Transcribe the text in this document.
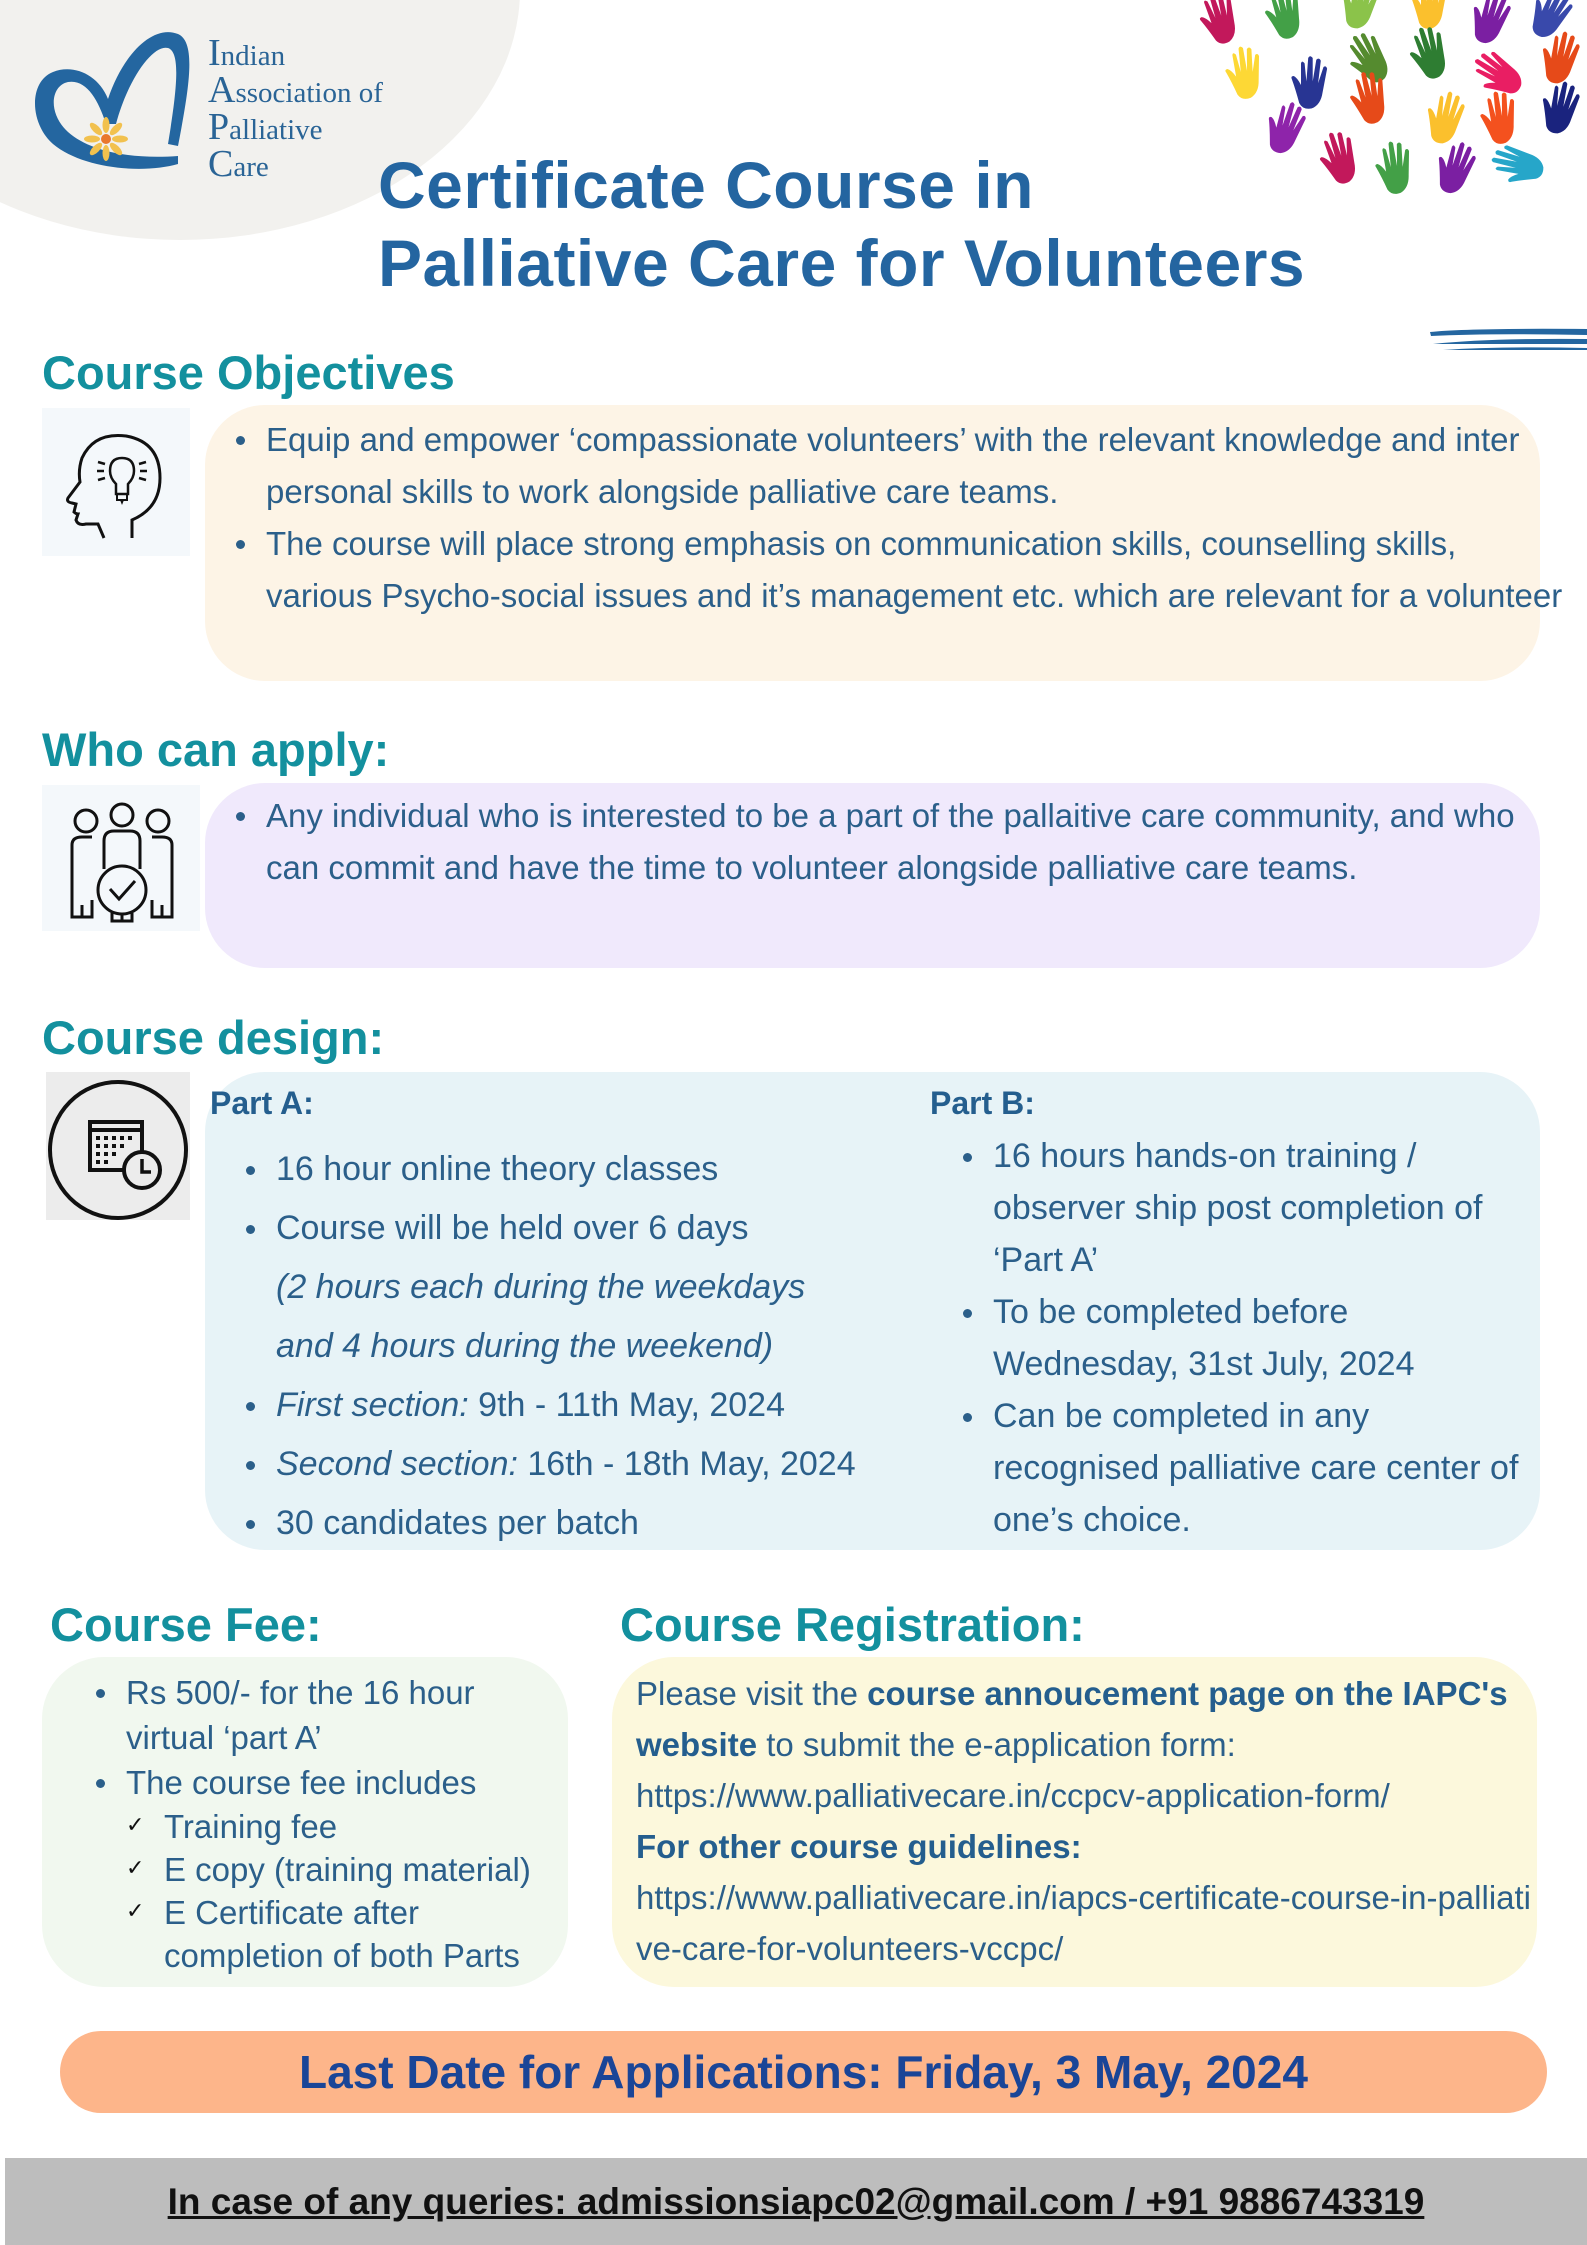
Indian
Association of
Palliative
Care	Certificate Course in
Palliative Care for Volunteers
Course Objectives
Equip and empower ‘compassionate volunteers’ with the relevant knowledge and inter personal skills to work alongside palliative care teams.
The course will place strong emphasis on communication skills, counselling skills, various Psycho-social issues and it’s management etc. which are relevant for a volunteer
Who can apply:
Any individual who is interested to be a part of the pallaitive care community, and who can commit and have the time to volunteer alongside palliative care teams.
Course design:
Part A:
16 hour online theory classes
Course will be held over 6 days
(2 hours each during the weekdays
and 4 hours during the weekend)
First section: 9th - 11th May, 2024
Second section: 16th - 18th May, 2024
30 candidates per batch
Part B:
16 hours hands-on training / observer ship post completion of ‘Part A’
To be completed before Wednesday, 31st July, 2024
Can be completed in any recognised palliative care center of one’s choice.
Course Fee:
Rs 500/- for the 16 hour virtual ‘part A’
The course fee includes
✓ Training fee
✓ E copy (training material)
✓ E Certificate after completion of both Parts
Course Registration:
Please visit the course annoucement page on the IAPC's website to submit the e-application form:
https://www.palliativecare.in/ccpcv-application-form/
For other course guidelines:
https://www.palliativecare.in/iapcs-certificate-course-in-palliative-care-for-volunteers-vccpc/
Last Date for Applications: Friday, 3 May, 2024
In case of any queries: admissionsiapc02@gmail.com / +91 9886743319
